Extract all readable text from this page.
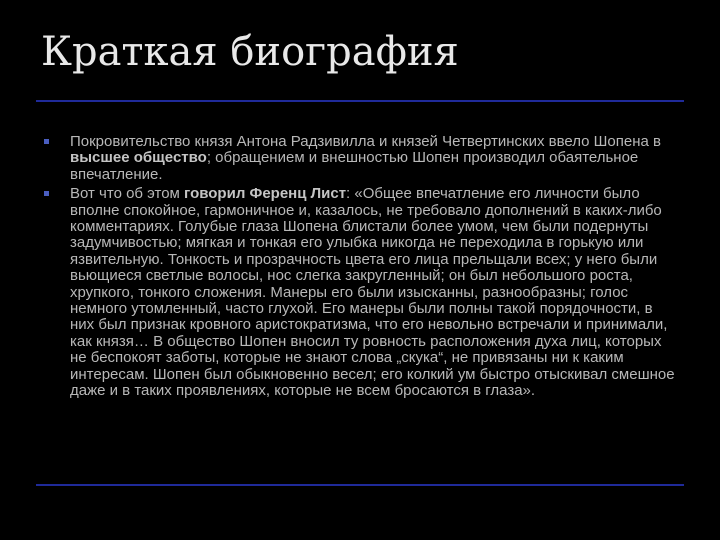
Краткая биография
Покровительство князя Антона Радзивилла и князей Четвертинских ввело Шопена в высшее общество; обращением и внешностью Шопен производил обаятельное впечатление.
Вот что об этом говорил Ференц Лист: «Общее впечатление его личности было вполне спокойное, гармоничное и, казалось, не требовало дополнений в каких-либо комментариях. Голубые глаза Шопена блистали более умом, чем были подернуты задумчивостью; мягкая и тонкая его улыбка никогда не переходила в горькую или язвительную. Тонкость и прозрачность цвета его лица прельщали всех; у него были вьющиеся светлые волосы, нос слегка закругленный; он был небольшого роста, хрупкого, тонкого сложения. Манеры его были изысканны, разнообразны; голос немного утомленный, часто глухой. Его манеры были полны такой порядочности, в них был признак кровного аристократизма, что его невольно встречали и принимали, как князя… В общество Шопен вносил ту ровность расположения духа лиц, которых не беспокоят заботы, которые не знают слова „скука“, не привязаны ни к каким интересам. Шопен был обыкновенно весел; его колкий ум быстро отыскивал смешное даже и в таких проявлениях, которые не всем бросаются в глаза».
